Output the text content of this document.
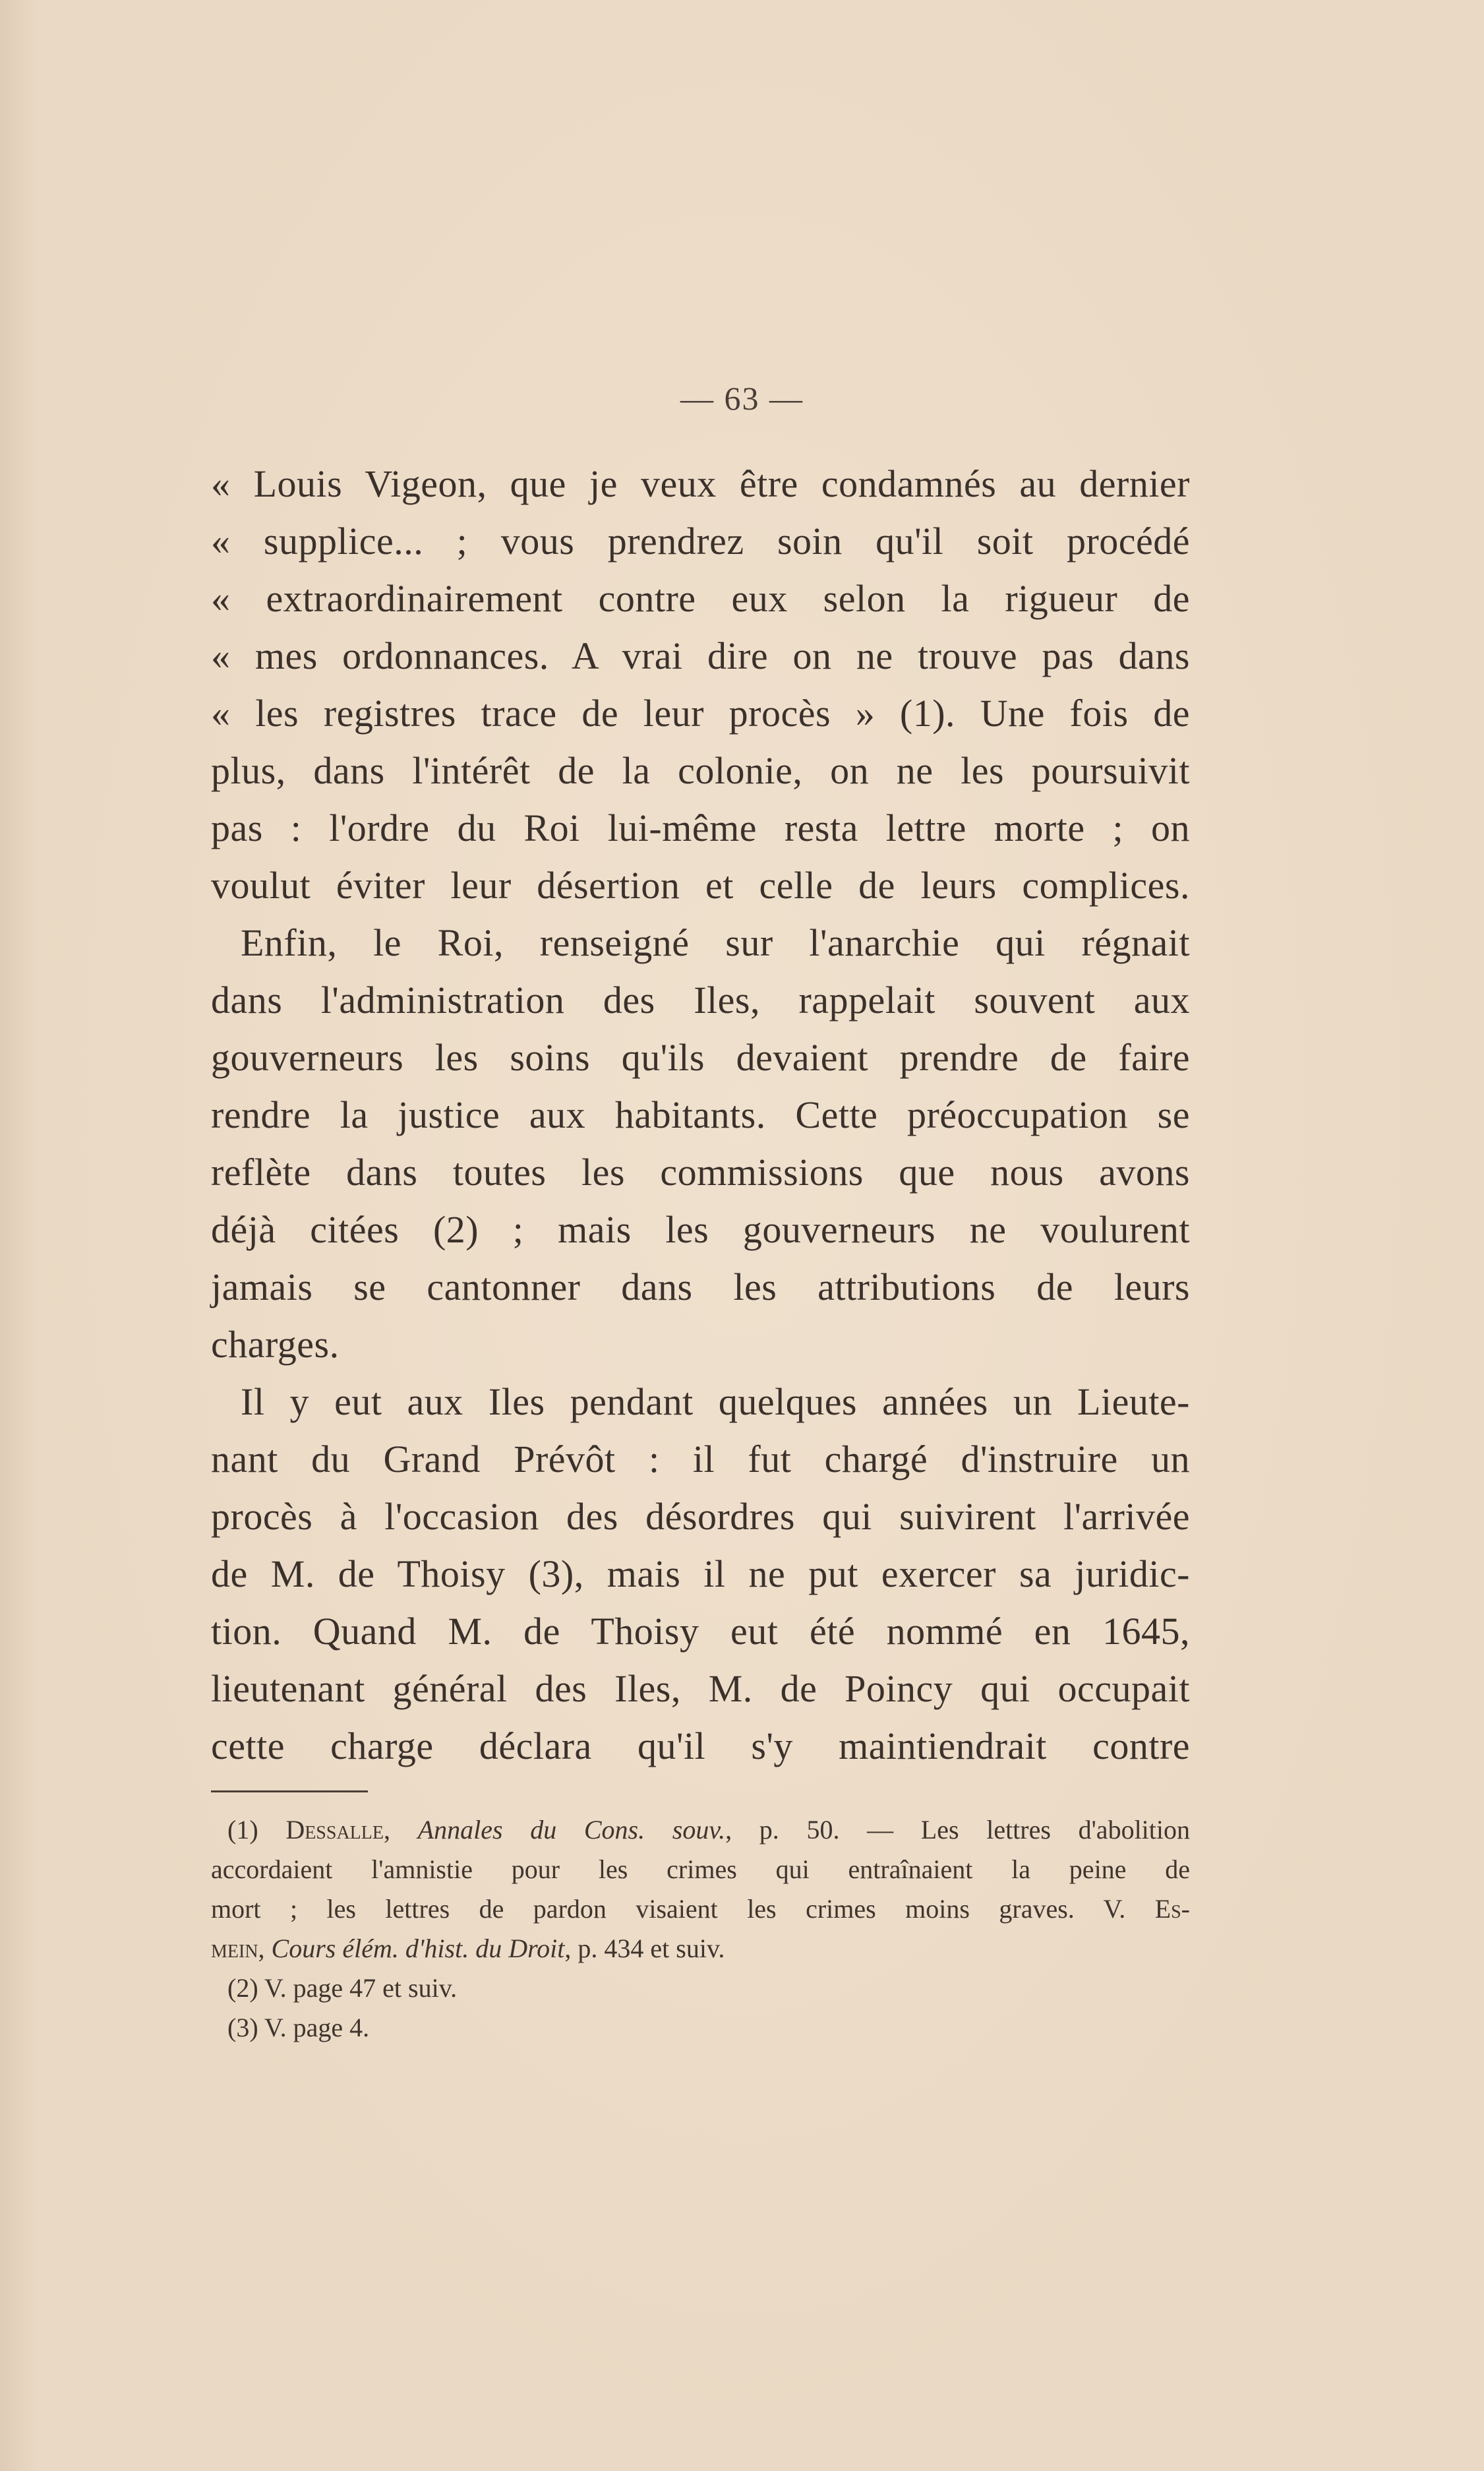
— 63 —
« Louis Vigeon, que je veux être condamnés au dernier
« supplice... ; vous prendrez soin qu'il soit procédé
« extraordinairement contre eux selon la rigueur de
« mes ordonnances. A vrai dire on ne trouve pas dans
« les registres trace de leur procès » (1). Une fois de
plus, dans l'intérêt de la colonie, on ne les poursuivit
pas : l'ordre du Roi lui-même resta lettre morte ; on
voulut éviter leur désertion et celle de leurs complices.
Enfin, le Roi, renseigné sur l'anarchie qui régnait
dans l'administration des Iles, rappelait souvent aux
gouverneurs les soins qu'ils devaient prendre de faire
rendre la justice aux habitants. Cette préoccupation se
reflète dans toutes les commissions que nous avons
déjà citées (2) ; mais les gouverneurs ne voulurent
jamais se cantonner dans les attributions de leurs
charges.
Il y eut aux Iles pendant quelques années un Lieute-
nant du Grand Prévôt : il fut chargé d'instruire un
procès à l'occasion des désordres qui suivirent l'arrivée
de M. de Thoisy (3), mais il ne put exercer sa juridic-
tion. Quand M. de Thoisy eut été nommé en 1645,
lieutenant général des Iles, M. de Poincy qui occupait
cette charge déclara qu'il s'y maintiendrait contre
(1) Dessalle, Annales du Cons. souv., p. 50. — Les lettres d'abolition
accordaient l'amnistie pour les crimes qui entraînaient la peine de
mort ; les lettres de pardon visaient les crimes moins graves. V. Es-
mein, Cours élém. d'hist. du Droit, p. 434 et suiv.
(2) V. page 47 et suiv.
(3) V. page 4.
